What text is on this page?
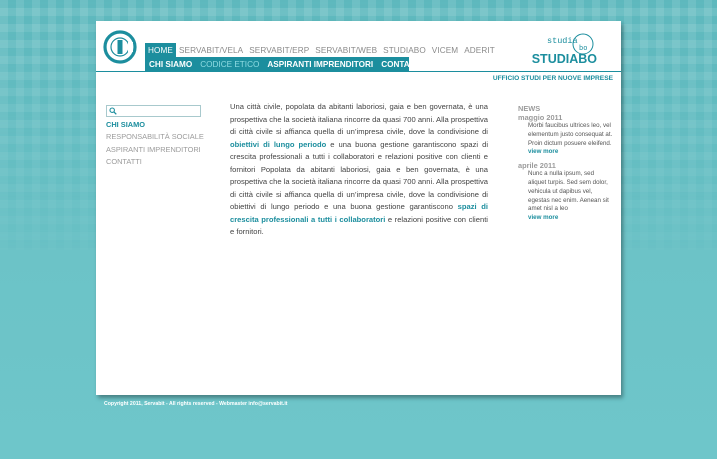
HOME SERVABIT/VELA SERVABIT/ERP SERVABIT/WEB STUDIABO VICEM ADERIT
CHI SIAMO CODICE ETICO ASPIRANTI IMPRENDITORI CONTATTI
studia
bo
STUDIABO
UFFICIO STUDI PER NUOVE IMPRESE
CHI SIAMO
RESPONSABILITÀ SOCIALE
ASPIRANTI IMPRENDITORI
CONTATTI
Una città civile, popolata da abitanti laboriosi, gaia e ben governata, è una prospettiva che la società italiana rincorre da quasi 700 anni. Alla prospettiva di città civile si affianca quella di un’impresa civile, dove la condivisione di obiettivi di lungo periodo e una buona gestione garantiscono spazi di crescita professionali a tutti i collaboratori e relazioni positive con clienti e fornitori Popolata da abitanti laboriosi, gaia e ben governata, è una prospettiva che la società italiana rincorre da quasi 700 anni. Alla prospettiva di città civile si affianca quella di un’impresa civile, dove la condivisione di obiettivi di lungo periodo e una buona gestione garantiscono spazi di crescita professionali a tutti i collaboratori e relazioni positive con clienti e fornitori.
NEWS
maggio 2011
Morbi faucibus ultrices leo, vel elementum justo consequat at. Proin dictum posuere eleifend.
view more
aprile 2011
Nunc a nulla ipsum, sed aliquet turpis. Sed sem dolor, vehicula ut dapibus vel, egestas nec enim. Aenean sit amet nisl a leo
view more
Copyright 2011, Servabit - All rights reserved - Webmaster info@servabit.it
